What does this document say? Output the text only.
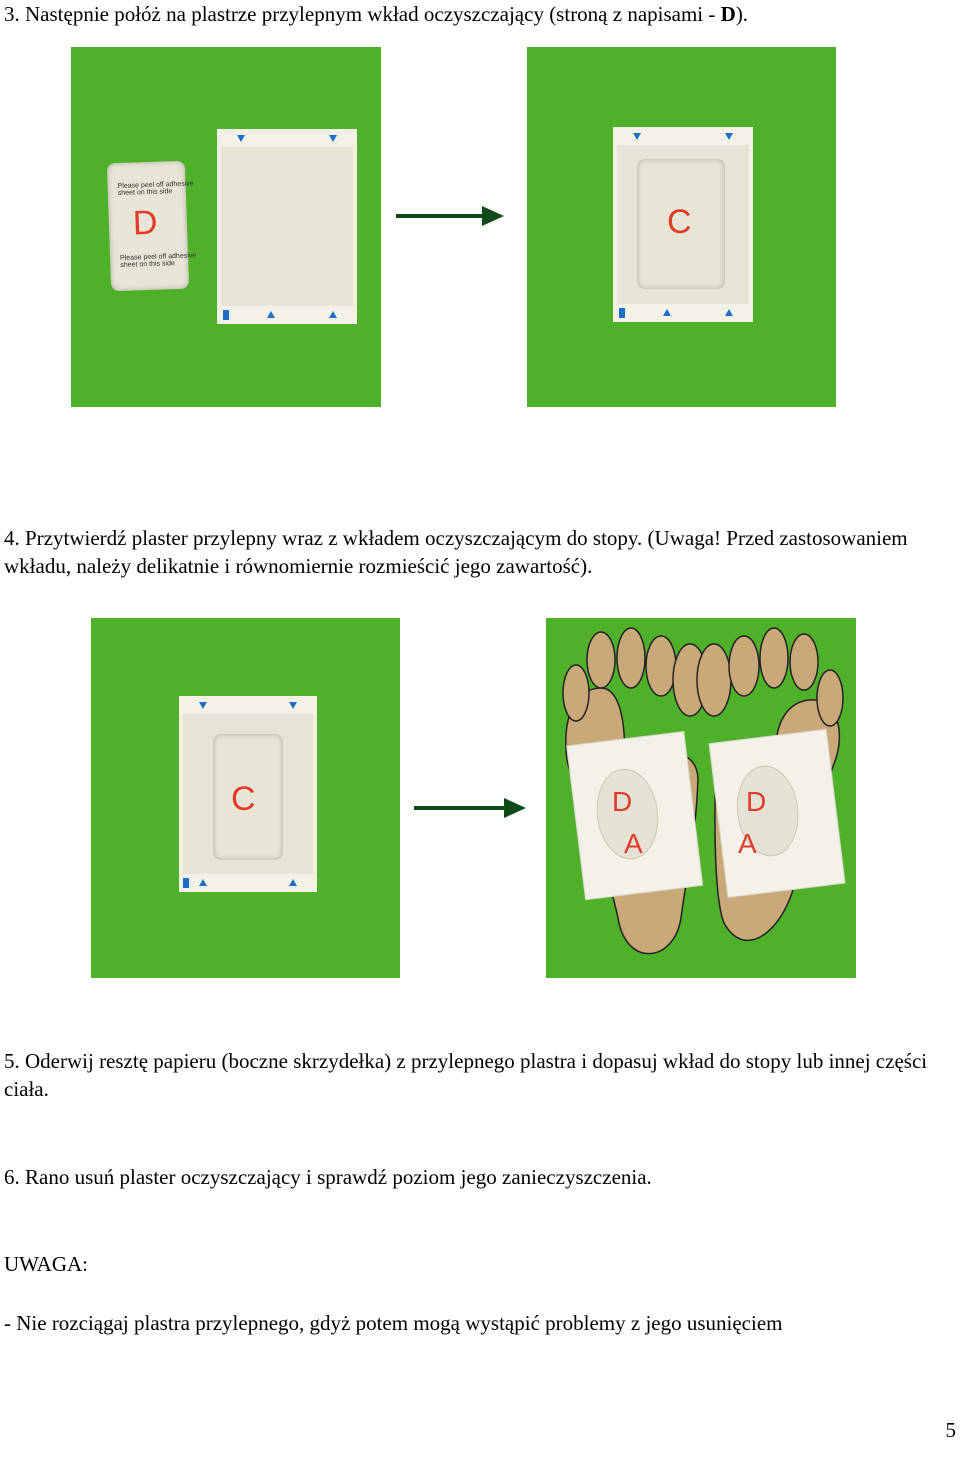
3. Następnie połóż na plastrze przylepnym wkład oczyszczający (stroną z napisami - D).

Please peel off adhesive sheet on this side
D
Please peel off adhesive sheet on this side
C

4. Przytwierdź plaster przylepny wraz z wkładem oczyszczającym do stopy. (Uwaga! Przed zastosowaniem wkładu, należy delikatnie i równomiernie rozmieścić jego zawartość).

C	D
A
D
A

5. Oderwij resztę papieru (boczne skrzydełka) z przylepnego plastra i dopasuj wkład do stopy lub innej części ciała.

6. Rano usuń plaster oczyszczający i sprawdź poziom jego zanieczyszczenia.

UWAGA:

- Nie rozciągaj plastra przylepnego, gdyż potem mogą wystąpić problemy z jego usunięciem

5
